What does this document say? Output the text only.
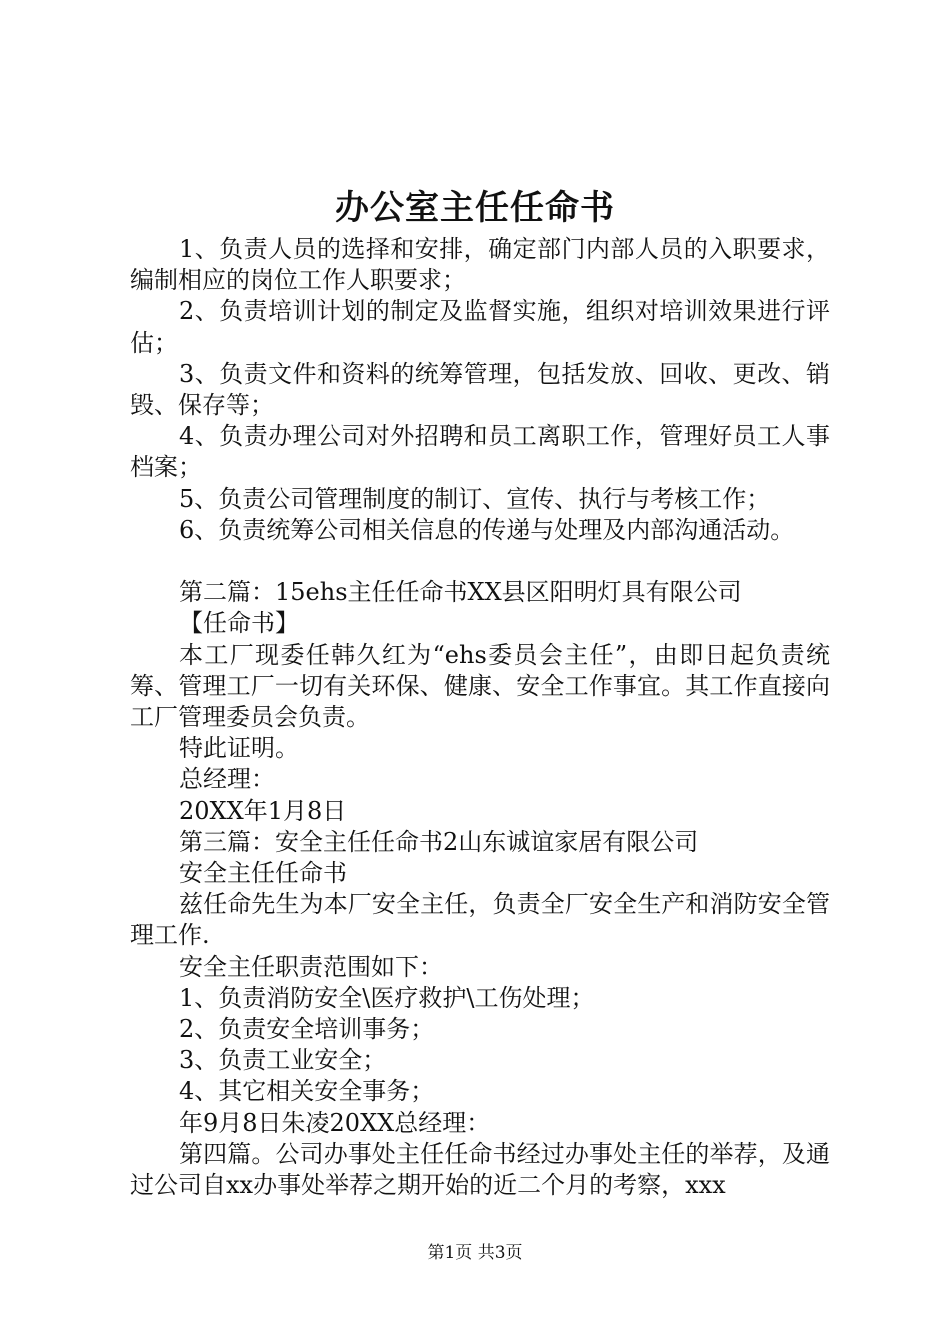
办公室主任任命书

1、负责人员的选择和安排，确定部门内部人员的入职要求，编制相应的岗位工作人职要求；

2、负责培训计划的制定及监督实施，组织对培训效果进行评估；

3、负责文件和资料的统筹管理，包括发放、回收、更改、销毁、保存等；

4、负责办理公司对外招聘和员工离职工作，管理好员工人事档案；

5、负责公司管理制度的制订、宣传、执行与考核工作；

6、负责统筹公司相关信息的传递与处理及内部沟通活动。

第二篇：15ehs主任任命书XX县区阳明灯具有限公司

【任命书】

本工厂现委任韩久红为“ehs委员会主任”，由即日起负责统筹、管理工厂一切有关环保、健康、安全工作事宜。其工作直接向工厂管理委员会负责。

特此证明。

总经理：

20XX年1月8日

第三篇：安全主任任命书2山东诚谊家居有限公司

安全主任任命书

兹任命先生为本厂安全主任，负责全厂安全生产和消防安全管理工作.

安全主任职责范围如下：

1、负责消防安全\医疗救护\工伤处理；

2、负责安全培训事务；

3、负责工业安全；

4、其它相关安全事务；

年9月8日朱凌20XX总经理：

第四篇。公司办事处主任任命书经过办事处主任的举荐，及通过公司自xx办事处举荐之期开始的近二个月的考察，xxx

第1页 共3页
